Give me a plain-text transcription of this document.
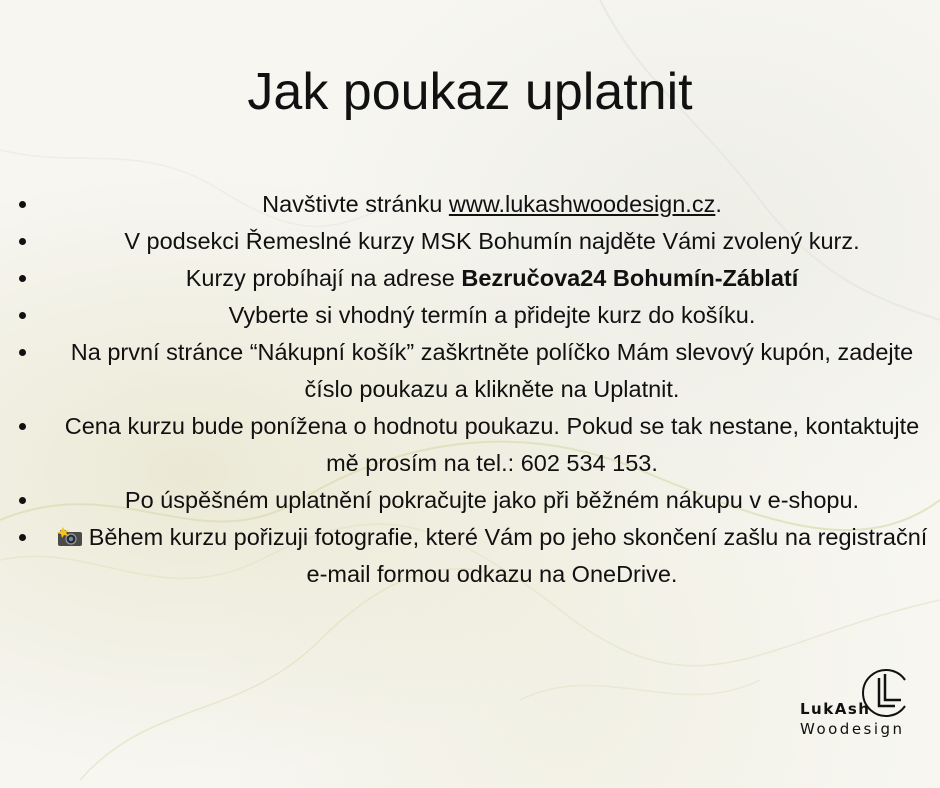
Jak poukaz uplatnit
Navštivte stránku www.lukashwoodesign.cz.
V podsekci Řemeslné kurzy MSK Bohumín najděte Vámi zvolený kurz.
Kurzy probíhají na adrese Bezručova24 Bohumín-Záblatí
Vyberte si vhodný termín a přidejte kurz do košíku.
Na první stránce “Nákupní košík” zaškrtněte políčko Mám slevový kupón, zadejte číslo poukazu a klikněte na Uplatnit.
Cena kurzu bude ponížena o hodnotu poukazu. Pokud se tak nestane, kontaktujte mě prosím na tel.: 602 534 153.
Po úspěšném uplatnění pokračujte jako při běžném nákupu v e-shopu.
Během kurzu pořizuji fotografie, které Vám po jeho skončení zašlu na registrační e-mail formou odkazu na OneDrive.
LukAsh
Woodesign
